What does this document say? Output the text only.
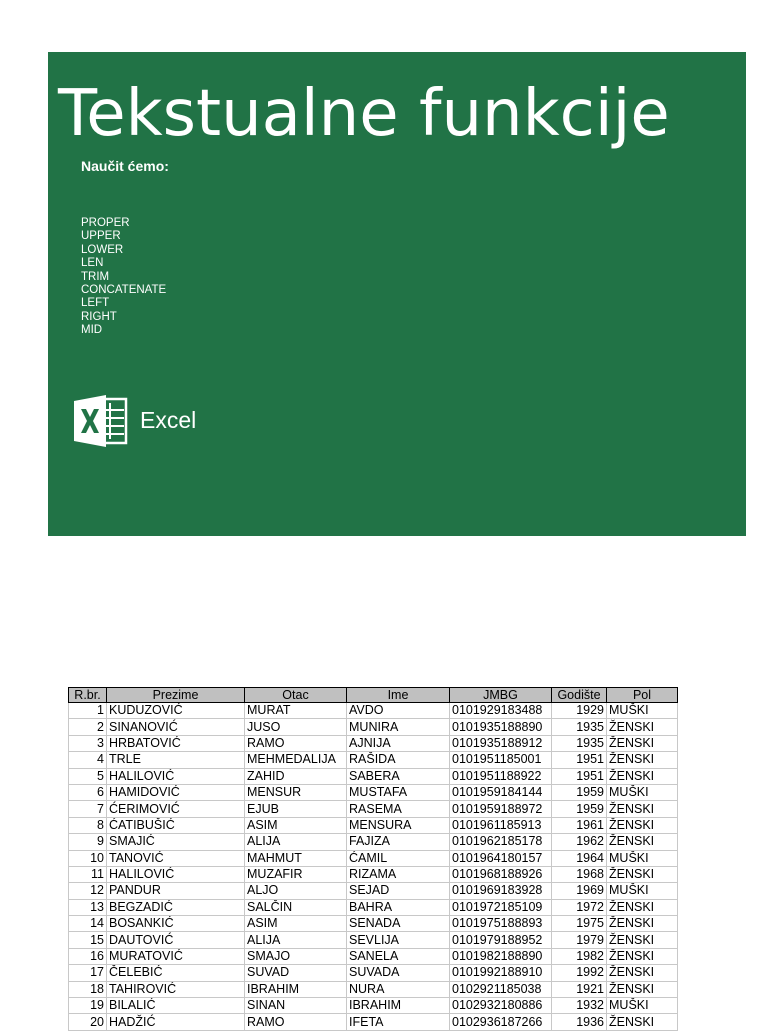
Tekstualne funkcije
Naučit ćemo:
PROPER
UPPER
LOWER
LEN
TRIM
CONCATENATE
LEFT
RIGHT
MID
Excel
R.br.	Prezime	Otac	Ime	JMBG	Godište	Pol
1	KUDUZOVIĆ	MURAT	AVDO	0101929183488	1929	MUŠKI
2	SINANOVIĆ	JUSO	MUNIRA	0101935188890	1935	ŽENSKI
3	HRBATOVIĆ	RAMO	AJNIJA	0101935188912	1935	ŽENSKI
4	TRLE	MEHMEDALIJA	RAŠIDA	0101951185001	1951	ŽENSKI
5	HALILOVIĆ	ZAHID	SABERA	0101951188922	1951	ŽENSKI
6	HAMIDOVIĆ	MENSUR	MUSTAFA	0101959184144	1959	MUŠKI
7	ĆERIMOVIĆ	EJUB	RASEMA	0101959188972	1959	ŽENSKI
8	ĆATIBUŠIĆ	ASIM	MENSURA	0101961185913	1961	ŽENSKI
9	SMAJIĆ	ALIJA	FAJIZA	0101962185178	1962	ŽENSKI
10	TANOVIĆ	MAHMUT	ĆAMIL	0101964180157	1964	MUŠKI
11	HALILOVIĆ	MUZAFIR	RIZAMA	0101968188926	1968	ŽENSKI
12	PANDUR	ALJO	SEJAD	0101969183928	1969	MUŠKI
13	BEGZADIĆ	SALČIN	BAHRA	0101972185109	1972	ŽENSKI
14	BOSANKIĆ	ASIM	SENADA	0101975188893	1975	ŽENSKI
15	DAUTOVIĆ	ALIJA	SEVLIJA	0101979188952	1979	ŽENSKI
16	MURATOVIĆ	SMAJO	SANELA	0101982188890	1982	ŽENSKI
17	ČELEBIĆ	SUVAD	SUVADA	0101992188910	1992	ŽENSKI
18	TAHIROVIĆ	IBRAHIM	NURA	0102921185038	1921	ŽENSKI
19	BILALIĆ	SINAN	IBRAHIM	0102932180886	1932	MUŠKI
20	HADŽIĆ	RAMO	IFETA	0102936187266	1936	ŽENSKI
